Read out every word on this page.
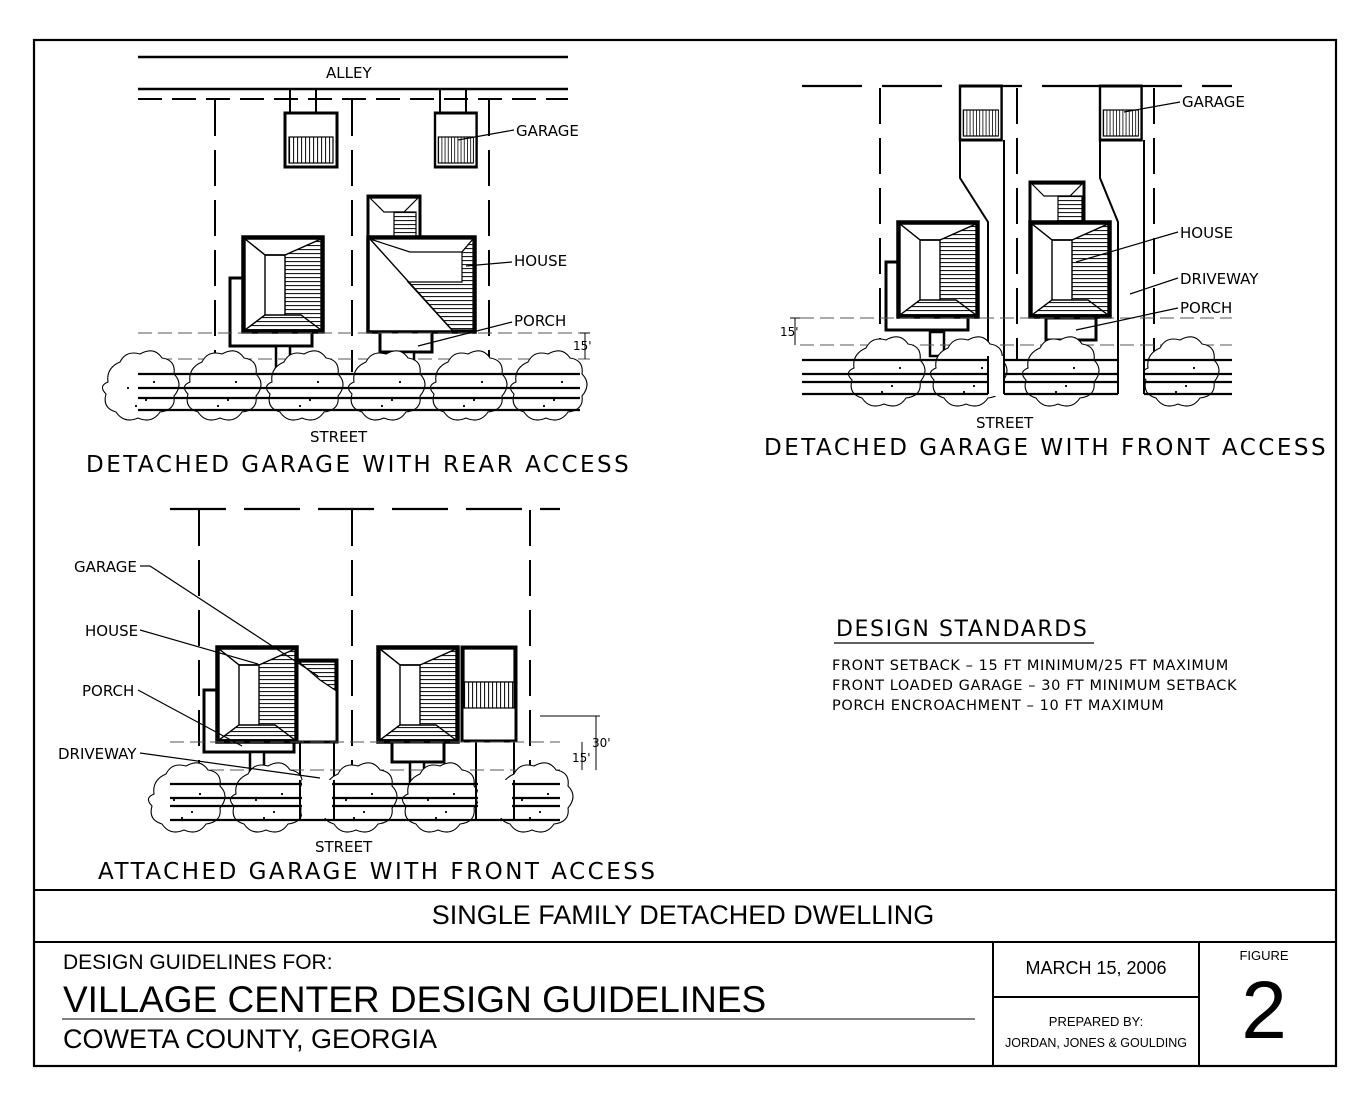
ALLEY
15'
STREET
DETACHED GARAGE WITH REAR ACCESS
GARAGE
HOUSE
PORCH
15'
STREET
DETACHED GARAGE WITH FRONT ACCESS
GARAGE
HOUSE
DRIVEWAY
PORCH
30'
15'
STREET
ATTACHED GARAGE WITH FRONT ACCESS
GARAGE
HOUSE
PORCH
DRIVEWAY
DESIGN STANDARDS
FRONT SETBACK – 15 FT MINIMUM/25 FT MAXIMUM
FRONT LOADED GARAGE – 30 FT MINIMUM SETBACK
PORCH ENCROACHMENT – 10 FT MAXIMUM
SINGLE FAMILY DETACHED DWELLING
DESIGN GUIDELINES FOR:
VILLAGE CENTER DESIGN GUIDELINES
COWETA COUNTY, GEORGIA
MARCH 15, 2006
PREPARED BY:
JORDAN, JONES & GOULDING
FIGURE
2
